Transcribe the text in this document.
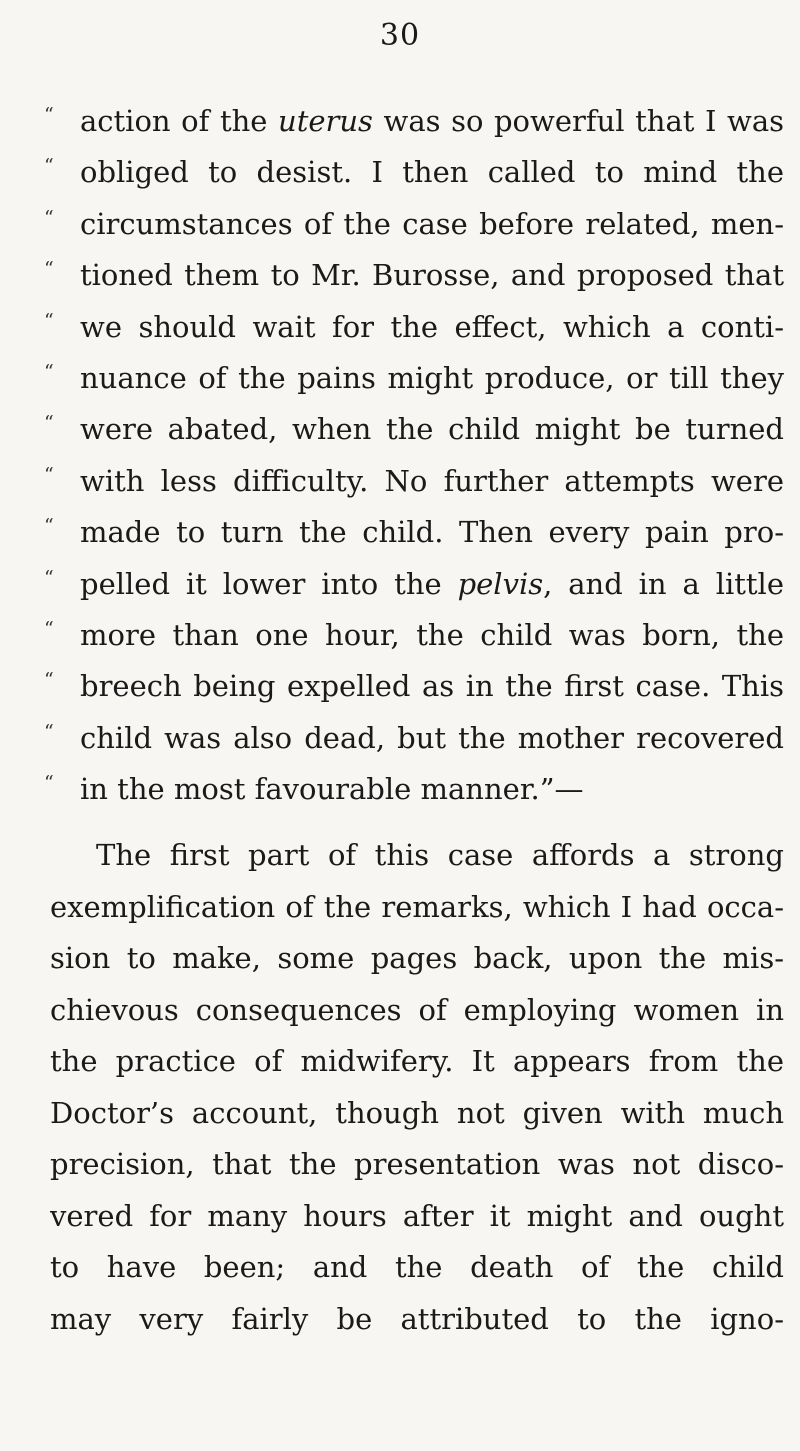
30
“ action of the uterus was so powerful that I was
“ obliged to desist. I then called to mind the
“ circumstances of the case before related, men-
“ tioned them to Mr. Burosse, and proposed that
“ we should wait for the effect, which a conti-
“ nuance of the pains might produce, or till they
“ were abated, when the child might be turned
“ with less difficulty. No further attempts were
“ made to turn the child. Then every pain pro-
“ pelled it lower into the pelvis, and in a little
“ more than one hour, the child was born, the
“ breech being expelled as in the first case. This
“ child was also dead, but the mother recovered
“ in the most favourable manner.”—
The first part of this case affords a strong
exemplification of the remarks, which I had occa-
sion to make, some pages back, upon the mis-
chievous consequences of employing women in
the practice of midwifery. It appears from the
Doctor’s account, though not given with much
precision, that the presentation was not disco-
vered for many hours after it might and ought
to have been; and the death of the child
may very fairly be attributed to the igno-
